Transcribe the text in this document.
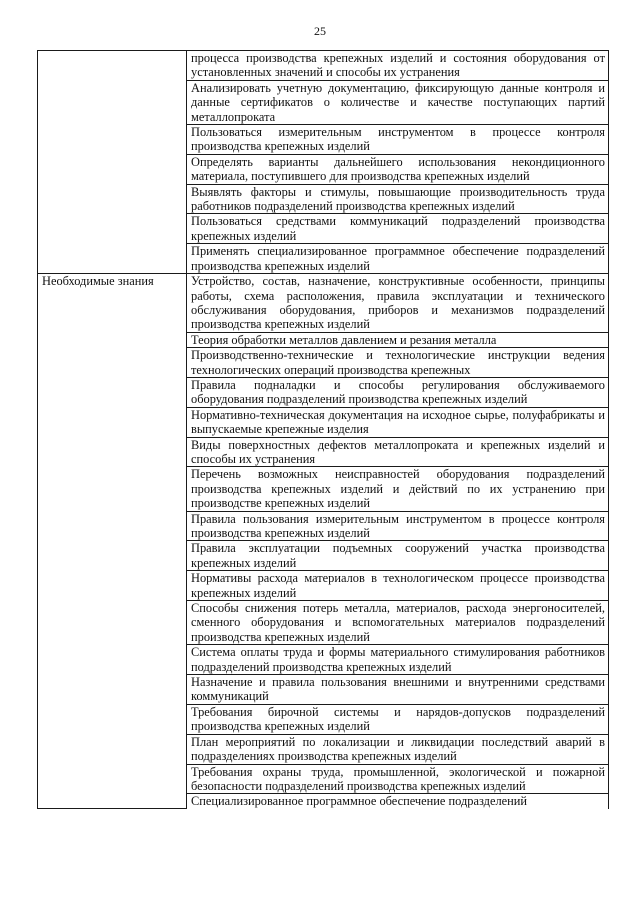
25

	процесса производства крепежных изделий и состояния оборудования от установленных значений и способы их устранения

	Анализировать учетную документацию, фиксирующую данные контроля и данные сертификатов о количестве и качестве поступающих партий металлопроката

	Пользоваться измерительным инструментом в процессе контроля производства крепежных изделий

	Определять варианты дальнейшего использования некондиционного материала, поступившего для производства крепежных изделий

	Выявлять факторы и стимулы, повышающие производительность труда работников подразделений производства крепежных изделий

	Пользоваться средствами коммуникаций подразделений производства крепежных изделий

	Применять специализированное программное обеспечение подразделений производства крепежных изделий

Необходимые знания	Устройство, состав, назначение, конструктивные особенности, принципы работы, схема расположения, правила эксплуатации и технического обслуживания оборудования, приборов и механизмов подразделений производства крепежных изделий

	Теория обработки металлов давлением и резания металла

	Производственно-технические и технологические инструкции ведения технологических операций производства крепежных

	Правила подналадки и способы регулирования обслуживаемого оборудования подразделений производства крепежных изделий

	Нормативно-техническая документация на исходное сырье, полуфабрикаты и выпускаемые крепежные изделия

	Виды поверхностных дефектов металлопроката и крепежных изделий и способы их устранения

	Перечень возможных неисправностей оборудования подразделений производства крепежных изделий и действий по их устранению при производстве крепежных изделий

	Правила пользования измерительным инструментом в процессе контроля производства крепежных изделий

	Правила эксплуатации подъемных сооружений участка производства крепежных изделий

	Нормативы расхода материалов в технологическом процессе производства крепежных изделий

	Способы снижения потерь металла, материалов, расхода энергоносителей, сменного оборудования и вспомогательных материалов подразделений производства крепежных изделий

	Система оплаты труда и формы материального стимулирования работников подразделений производства крепежных изделий

	Назначение и правила пользования внешними и внутренними средствами коммуникаций

	Требования бирочной системы и нарядов-допусков подразделений производства крепежных изделий

	План мероприятий по локализации и ликвидации последствий аварий в подразделениях производства крепежных изделий

	Требования охраны труда, промышленной, экологической и пожарной безопасности подразделений производства крепежных изделий

	Специализированное программное обеспечение подразделений
